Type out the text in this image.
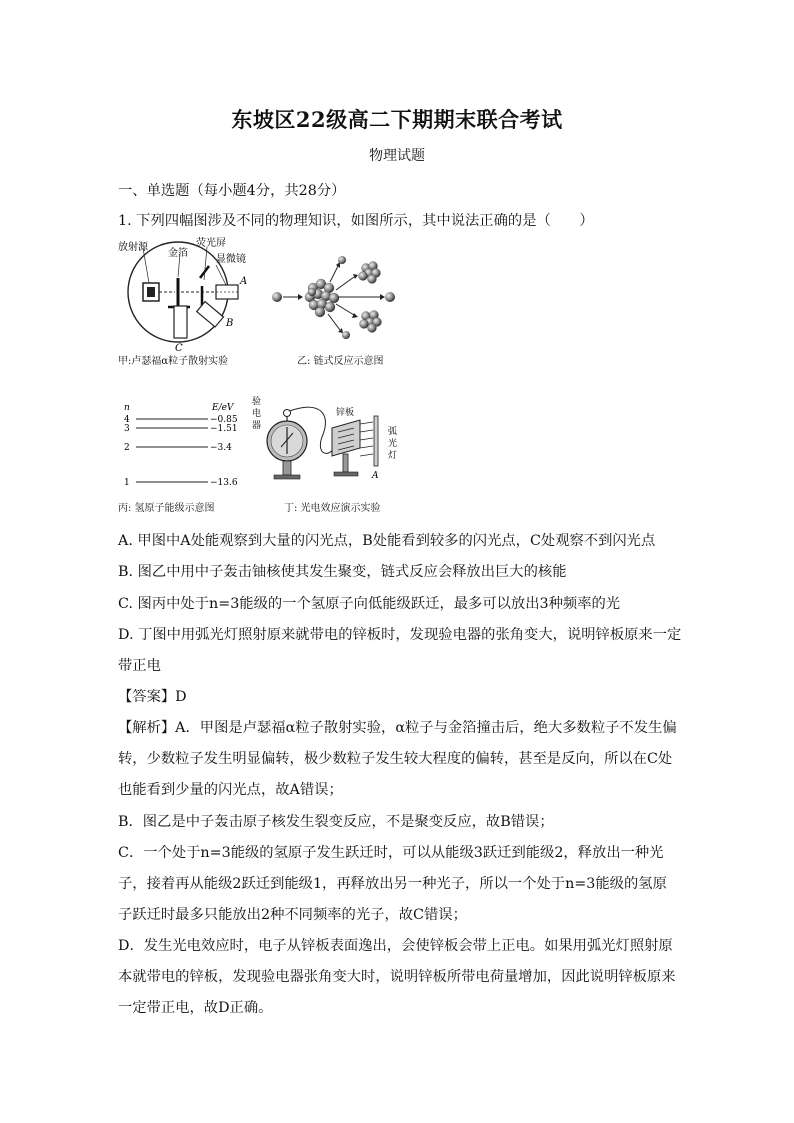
东坡区22级高二下期期末联合考试
物理试题
一、单选题（每小题4分，共28分）
1. 下列四幅图涉及不同的物理知识，如图所示，其中说法正确的是（　　）
放射源
金箔
荧光屏
显微镜
A
B
C
甲:卢瑟福α粒子散射实验	乙: 链式反应示意图
n	E/eV
4
3
2
1
−0.85
−1.51
−3.4
−13.6
丙: 氢原子能级示意图
验
电
器
锌板
弧
光
灯
A
丁: 光电效应演示实验
A. 甲图中A处能观察到大量的闪光点，B处能看到较多的闪光点，C处观察不到闪光点
B. 图乙中用中子轰击铀核使其发生聚变，链式反应会释放出巨大的核能
C. 图丙中处于n=3能级的一个氢原子向低能级跃迁，最多可以放出3种频率的光
D. 丁图中用弧光灯照射原来就带电的锌板时，发现验电器的张角变大，说明锌板原来一定
带正电
【答案】D
【解析】A．甲图是卢瑟福α粒子散射实验，α粒子与金箔撞击后，绝大多数粒子不发生偏
转，少数粒子发生明显偏转，极少数粒子发生较大程度的偏转，甚至是反向，所以在C处
也能看到少量的闪光点，故A错误；
B．图乙是中子轰击原子核发生裂变反应，不是聚变反应，故B错误；
C．一个处于n=3能级的氢原子发生跃迁时，可以从能级3跃迁到能级2，释放出一种光
子，接着再从能级2跃迁到能级1，再释放出另一种光子，所以一个处于n=3能级的氢原
子跃迁时最多只能放出2种不同频率的光子，故C错误；
D．发生光电效应时，电子从锌板表面逸出，会使锌板会带上正电。如果用弧光灯照射原
本就带电的锌板，发现验电器张角变大时，说明锌板所带电荷量增加，因此说明锌板原来
一定带正电，故D正确。
